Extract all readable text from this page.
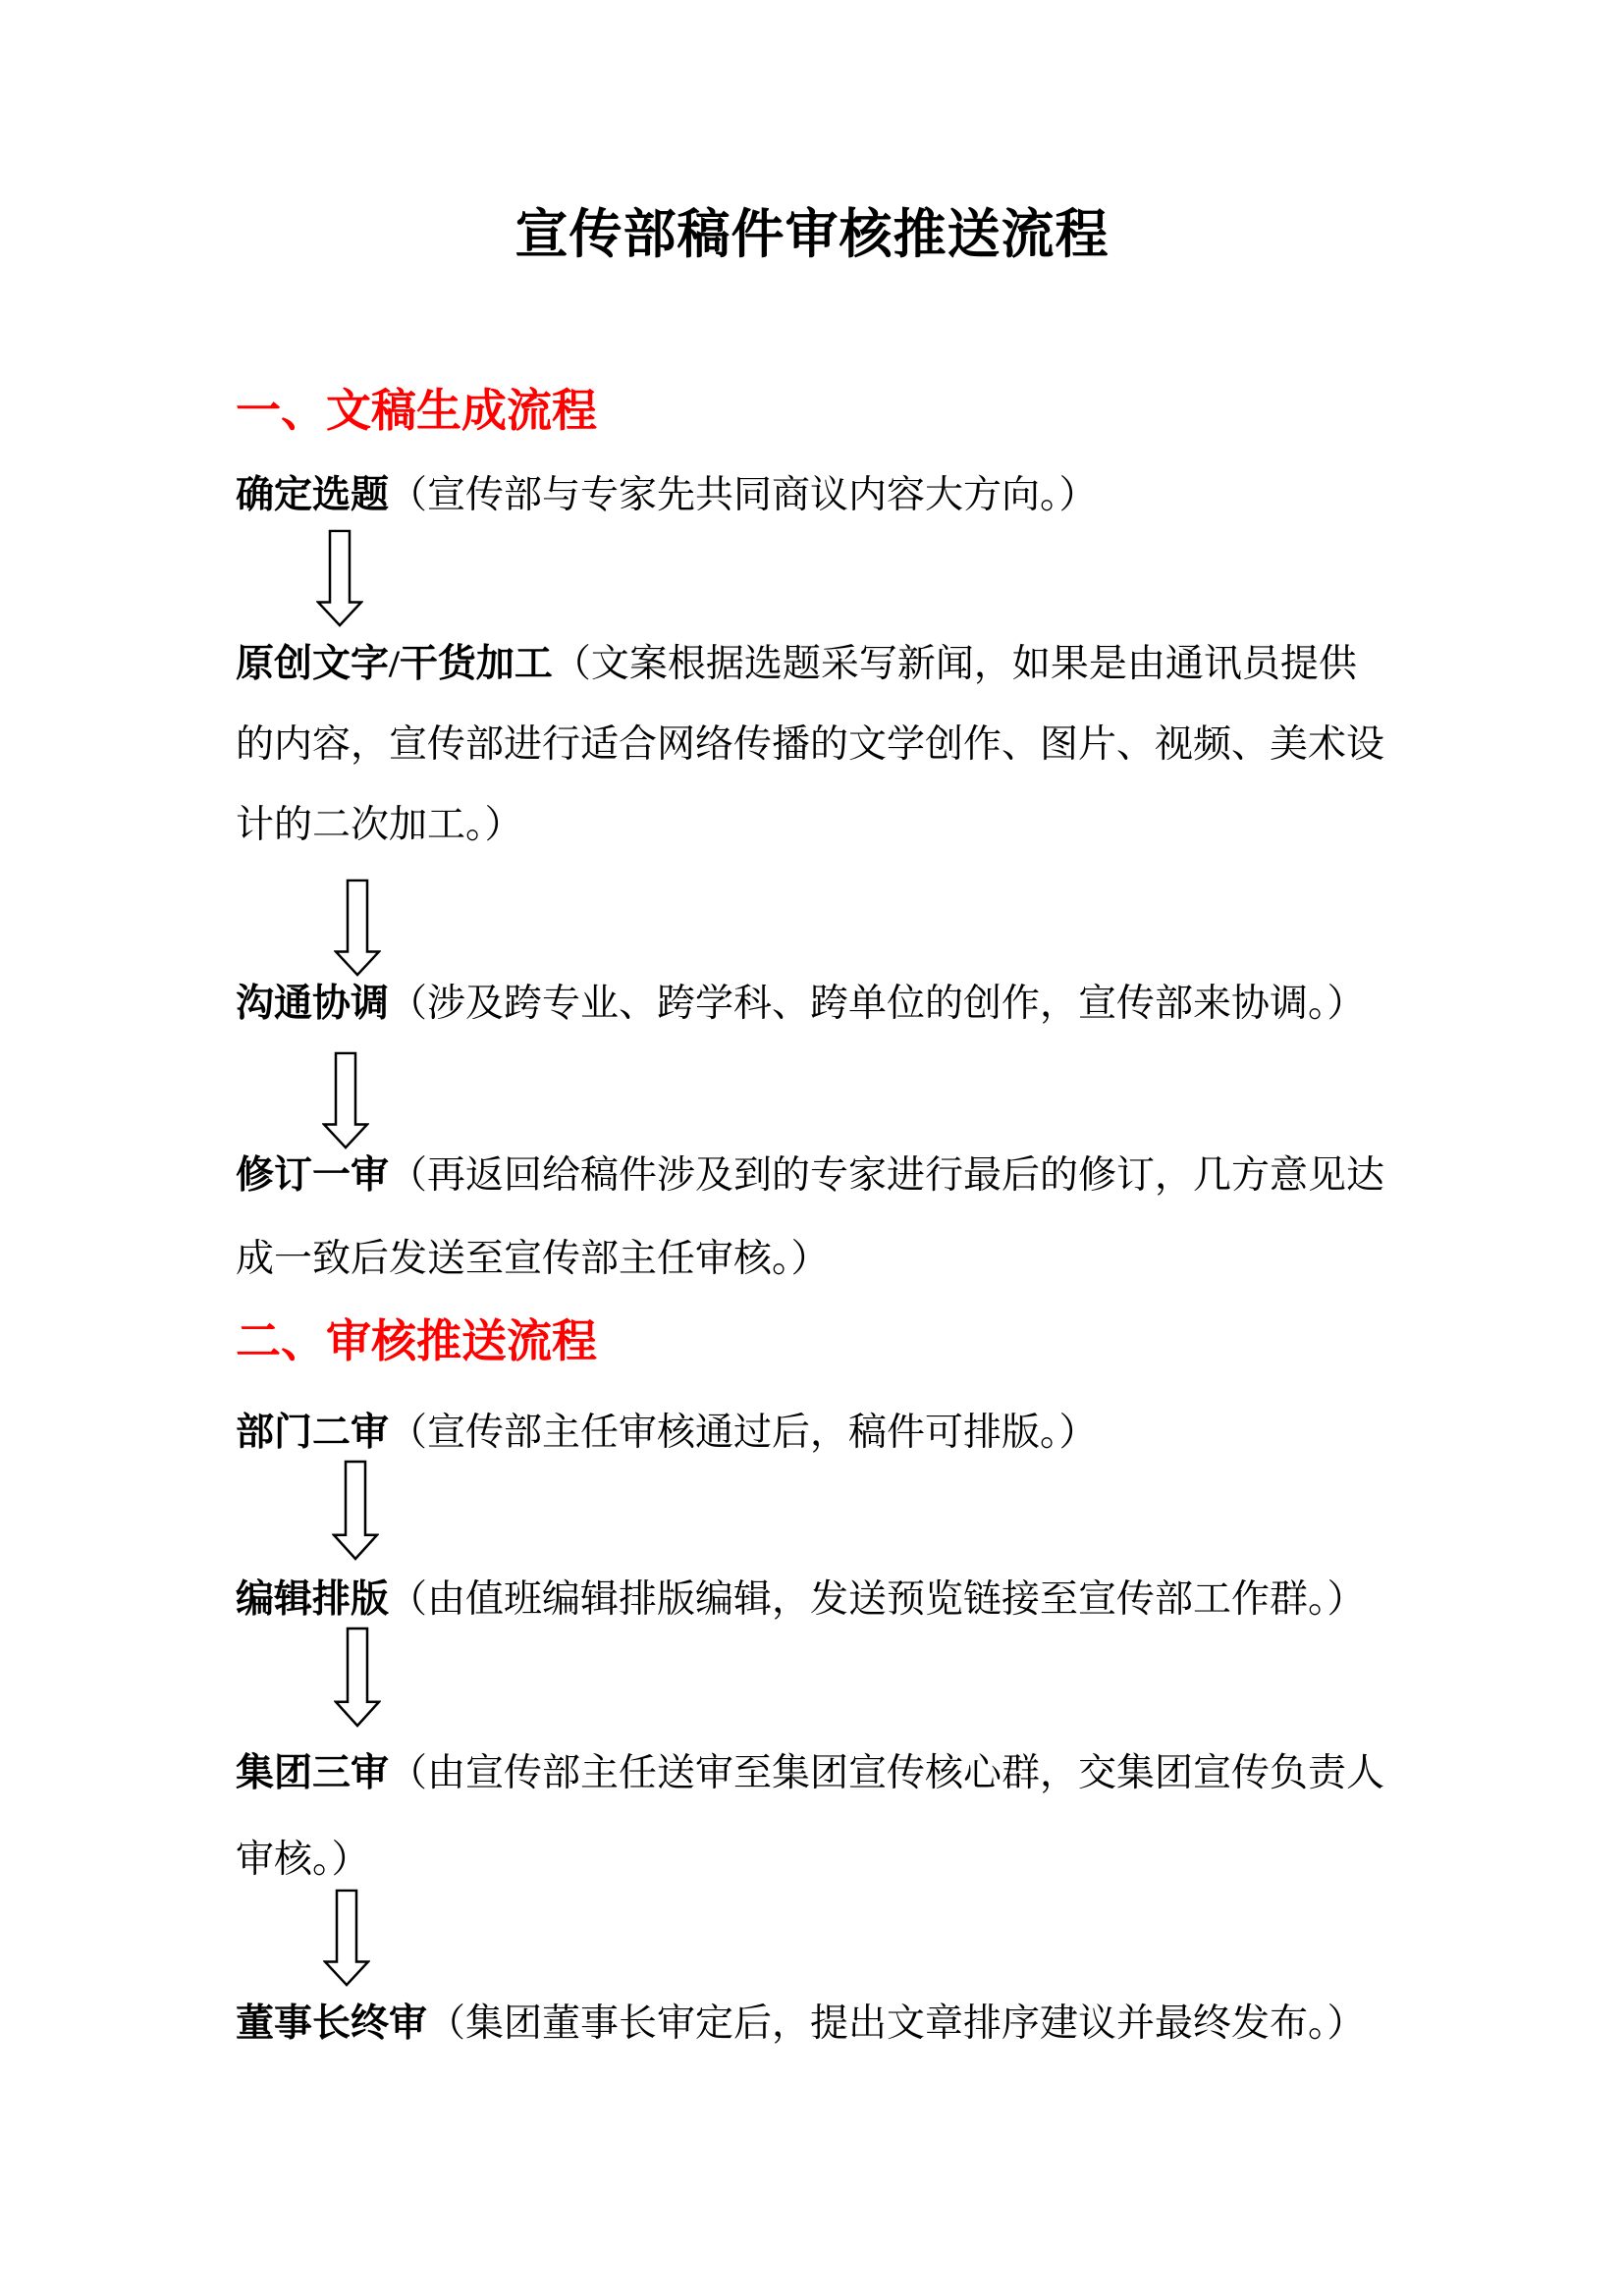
宣传部稿件审核推送流程
一、文稿生成流程
确定选题（宣传部与专家先共同商议内容大方向。）
原创文字/干货加工（文案根据选题采写新闻，如果是由通讯员提供
的内容，宣传部进行适合网络传播的文学创作、图片、视频、美术设
计的二次加工。）
沟通协调（涉及跨专业、跨学科、跨单位的创作，宣传部来协调。）
修订一审（再返回给稿件涉及到的专家进行最后的修订，几方意见达
成一致后发送至宣传部主任审核。）
二、审核推送流程
部门二审（宣传部主任审核通过后，稿件可排版。）
编辑排版（由值班编辑排版编辑，发送预览链接至宣传部工作群。）
集团三审（由宣传部主任送审至集团宣传核心群，交集团宣传负责人
审核。）
董事长终审（集团董事长审定后，提出文章排序建议并最终发布。）
